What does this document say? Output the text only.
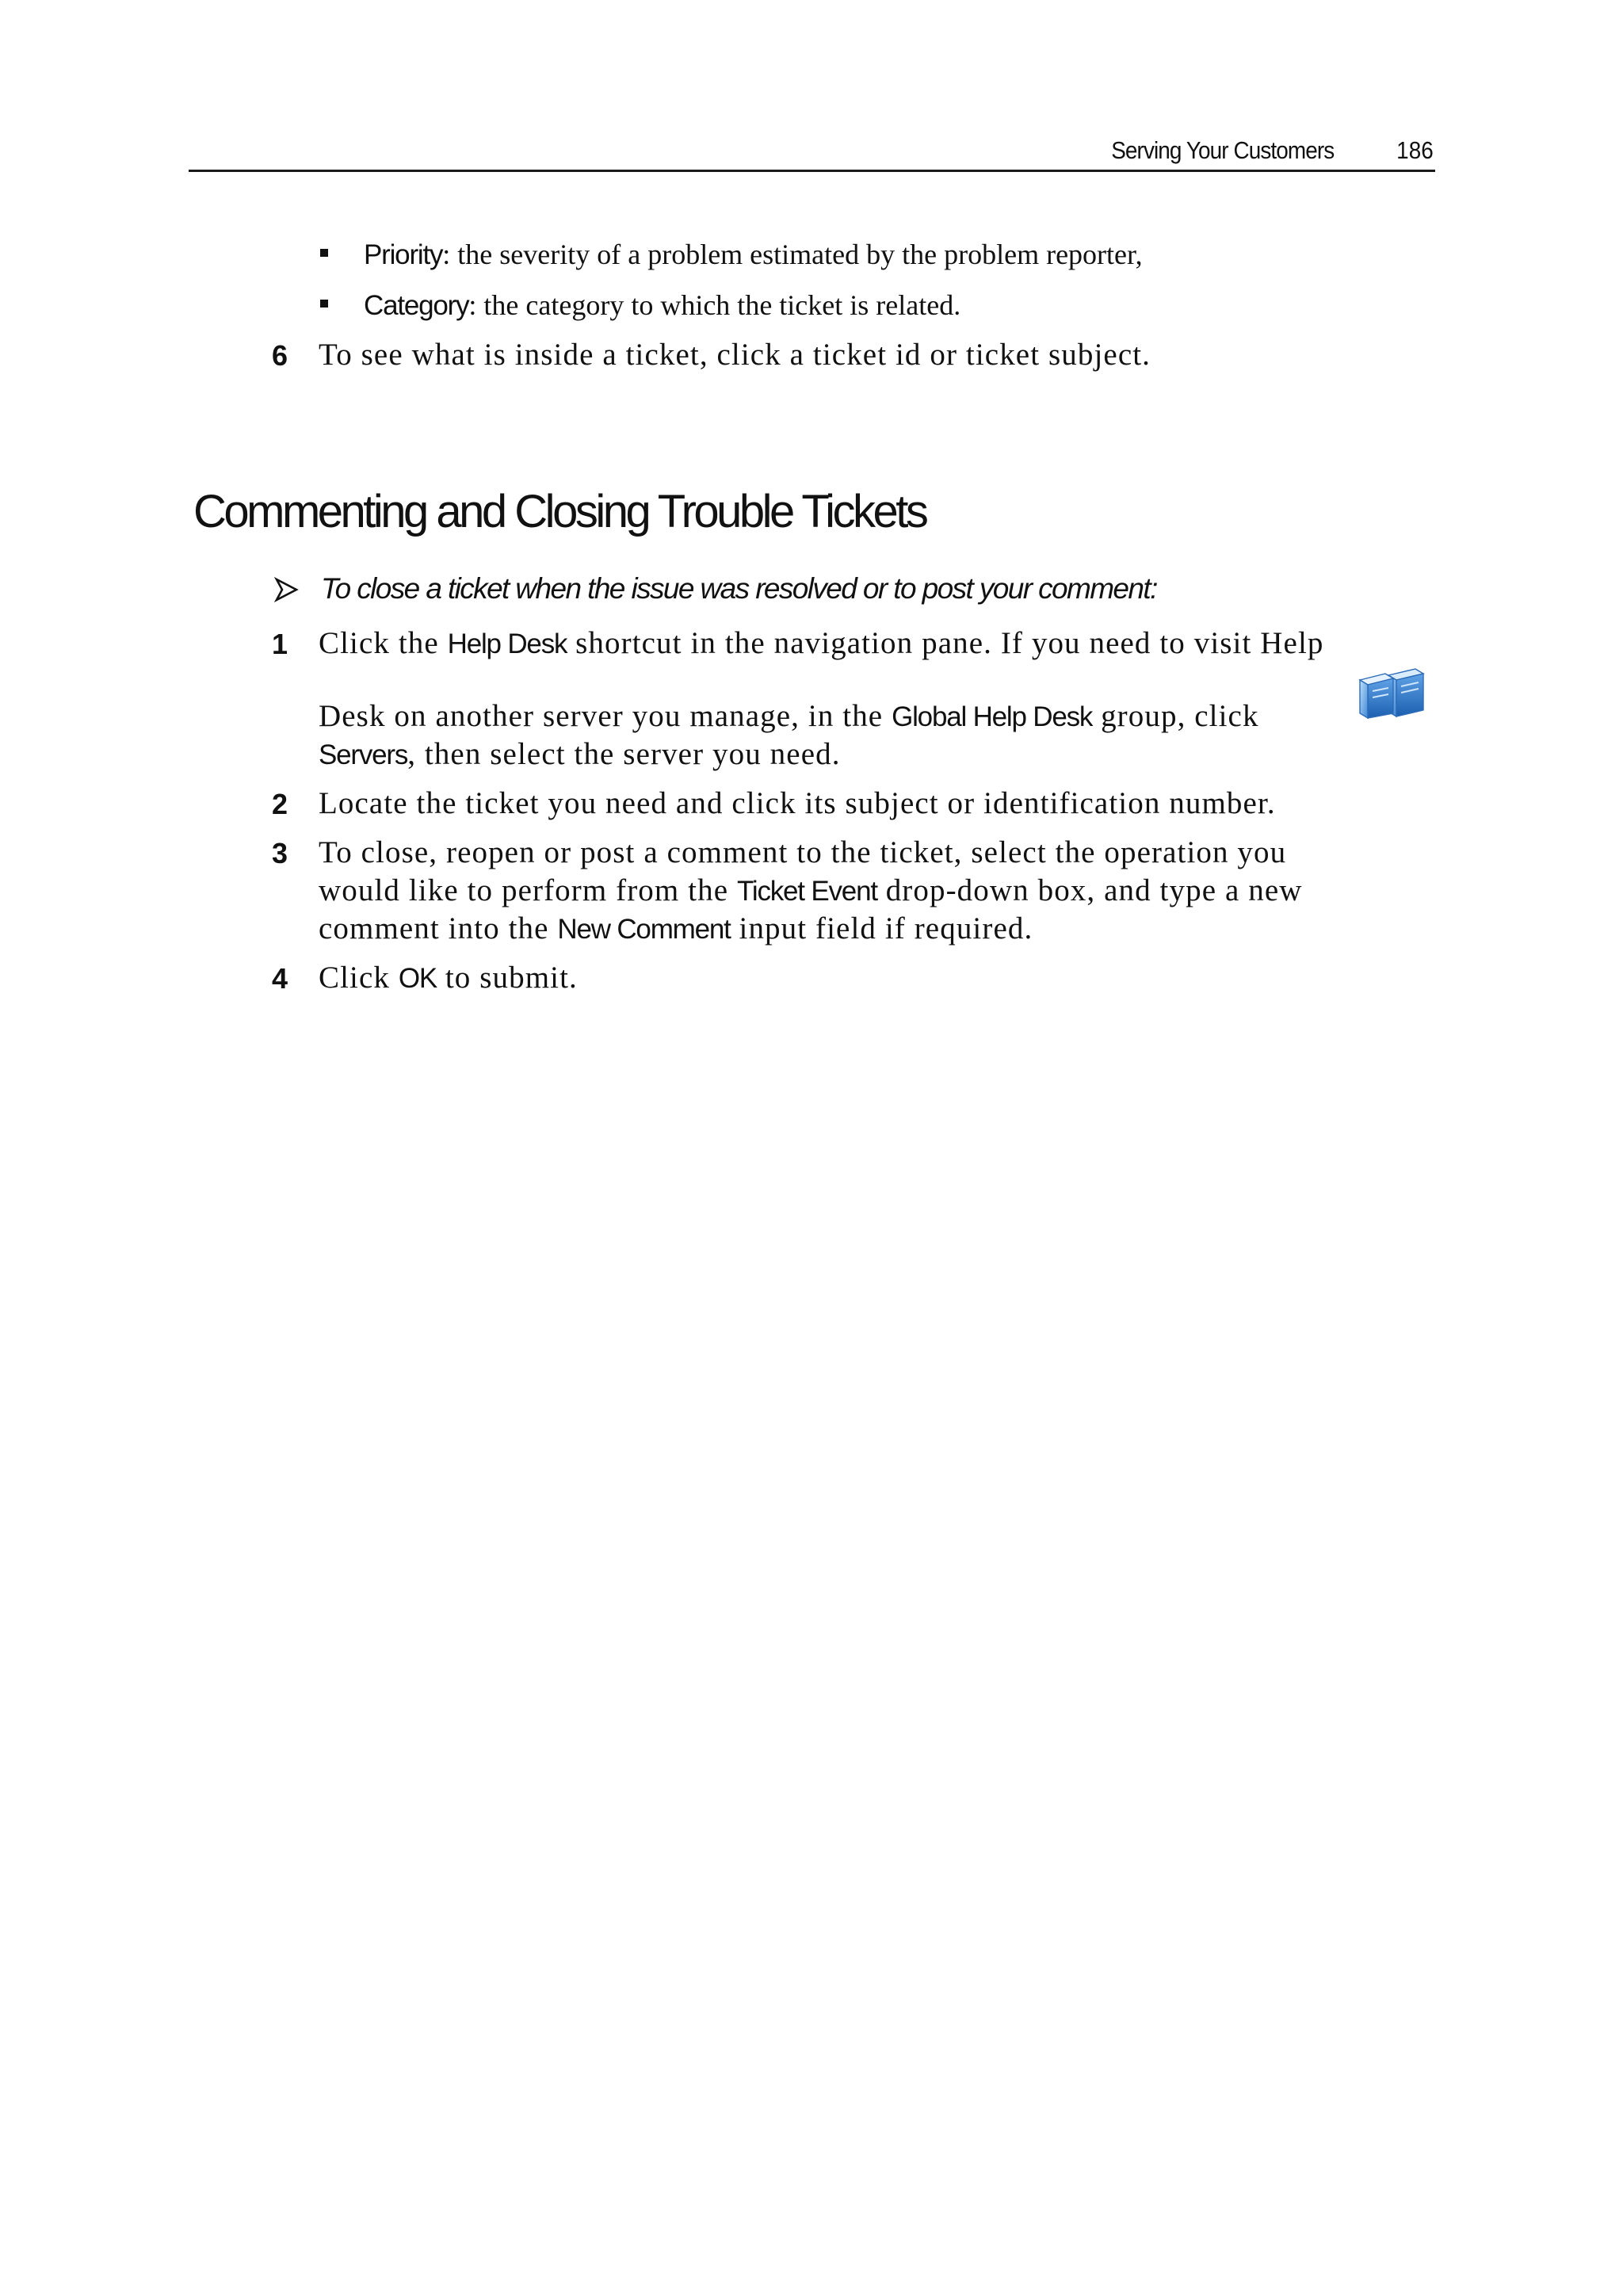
Serving Your Customers	186
Priority: the severity of a problem estimated by the problem reporter,
Category: the category to which the ticket is related.
6 To see what is inside a ticket, click a ticket id or ticket subject.
Commenting and Closing Trouble Tickets
To close a ticket when the issue was resolved or to post your comment:
1 Click the Help Desk shortcut in the navigation pane. If you need to visit Help
Desk on another server you manage, in the Global Help Desk group, click
Servers, then select the server you need.
2 Locate the ticket you need and click its subject or identification number.
3 To close, reopen or post a comment to the ticket, select the operation you
would like to perform from the Ticket Event drop-down box, and type a new
comment into the New Comment input field if required.
4 Click OK to submit.
